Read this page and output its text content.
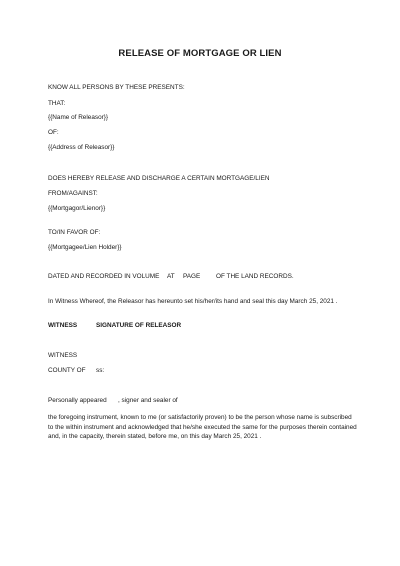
RELEASE OF MORTGAGE OR LIEN
KNOW ALL PERSONS BY THESE PRESENTS:
THAT:
{{Name of Releasor}}
OF:
{{Address of Releasor}}
DOES HEREBY RELEASE AND DISCHARGE A CERTAIN MORTGAGE/LIEN
FROM/AGAINST:
{{Mortgagor/Lienor}}
TO/IN FAVOR OF:
{{Mortgagee/Lien Holder}}
DATED AND RECORDED IN VOLUME AT PAGE OF THE LAND RECORDS.
In Witness Whereof, the Releasor has hereunto set his/her/its hand and seal this day March 25, 2021 .
WITNESS	SIGNATURE OF RELEASOR
WITNESS
COUNTY OF ss:
Personally appeared , signer and sealer of
the foregoing instrument, known to me (or satisfactorily proven) to be the person whose name is subscribed to the within instrument and acknowledged that he/she executed the same for the purposes therein contained and, in the capacity, therein stated, before me, on this day March 25, 2021 .
